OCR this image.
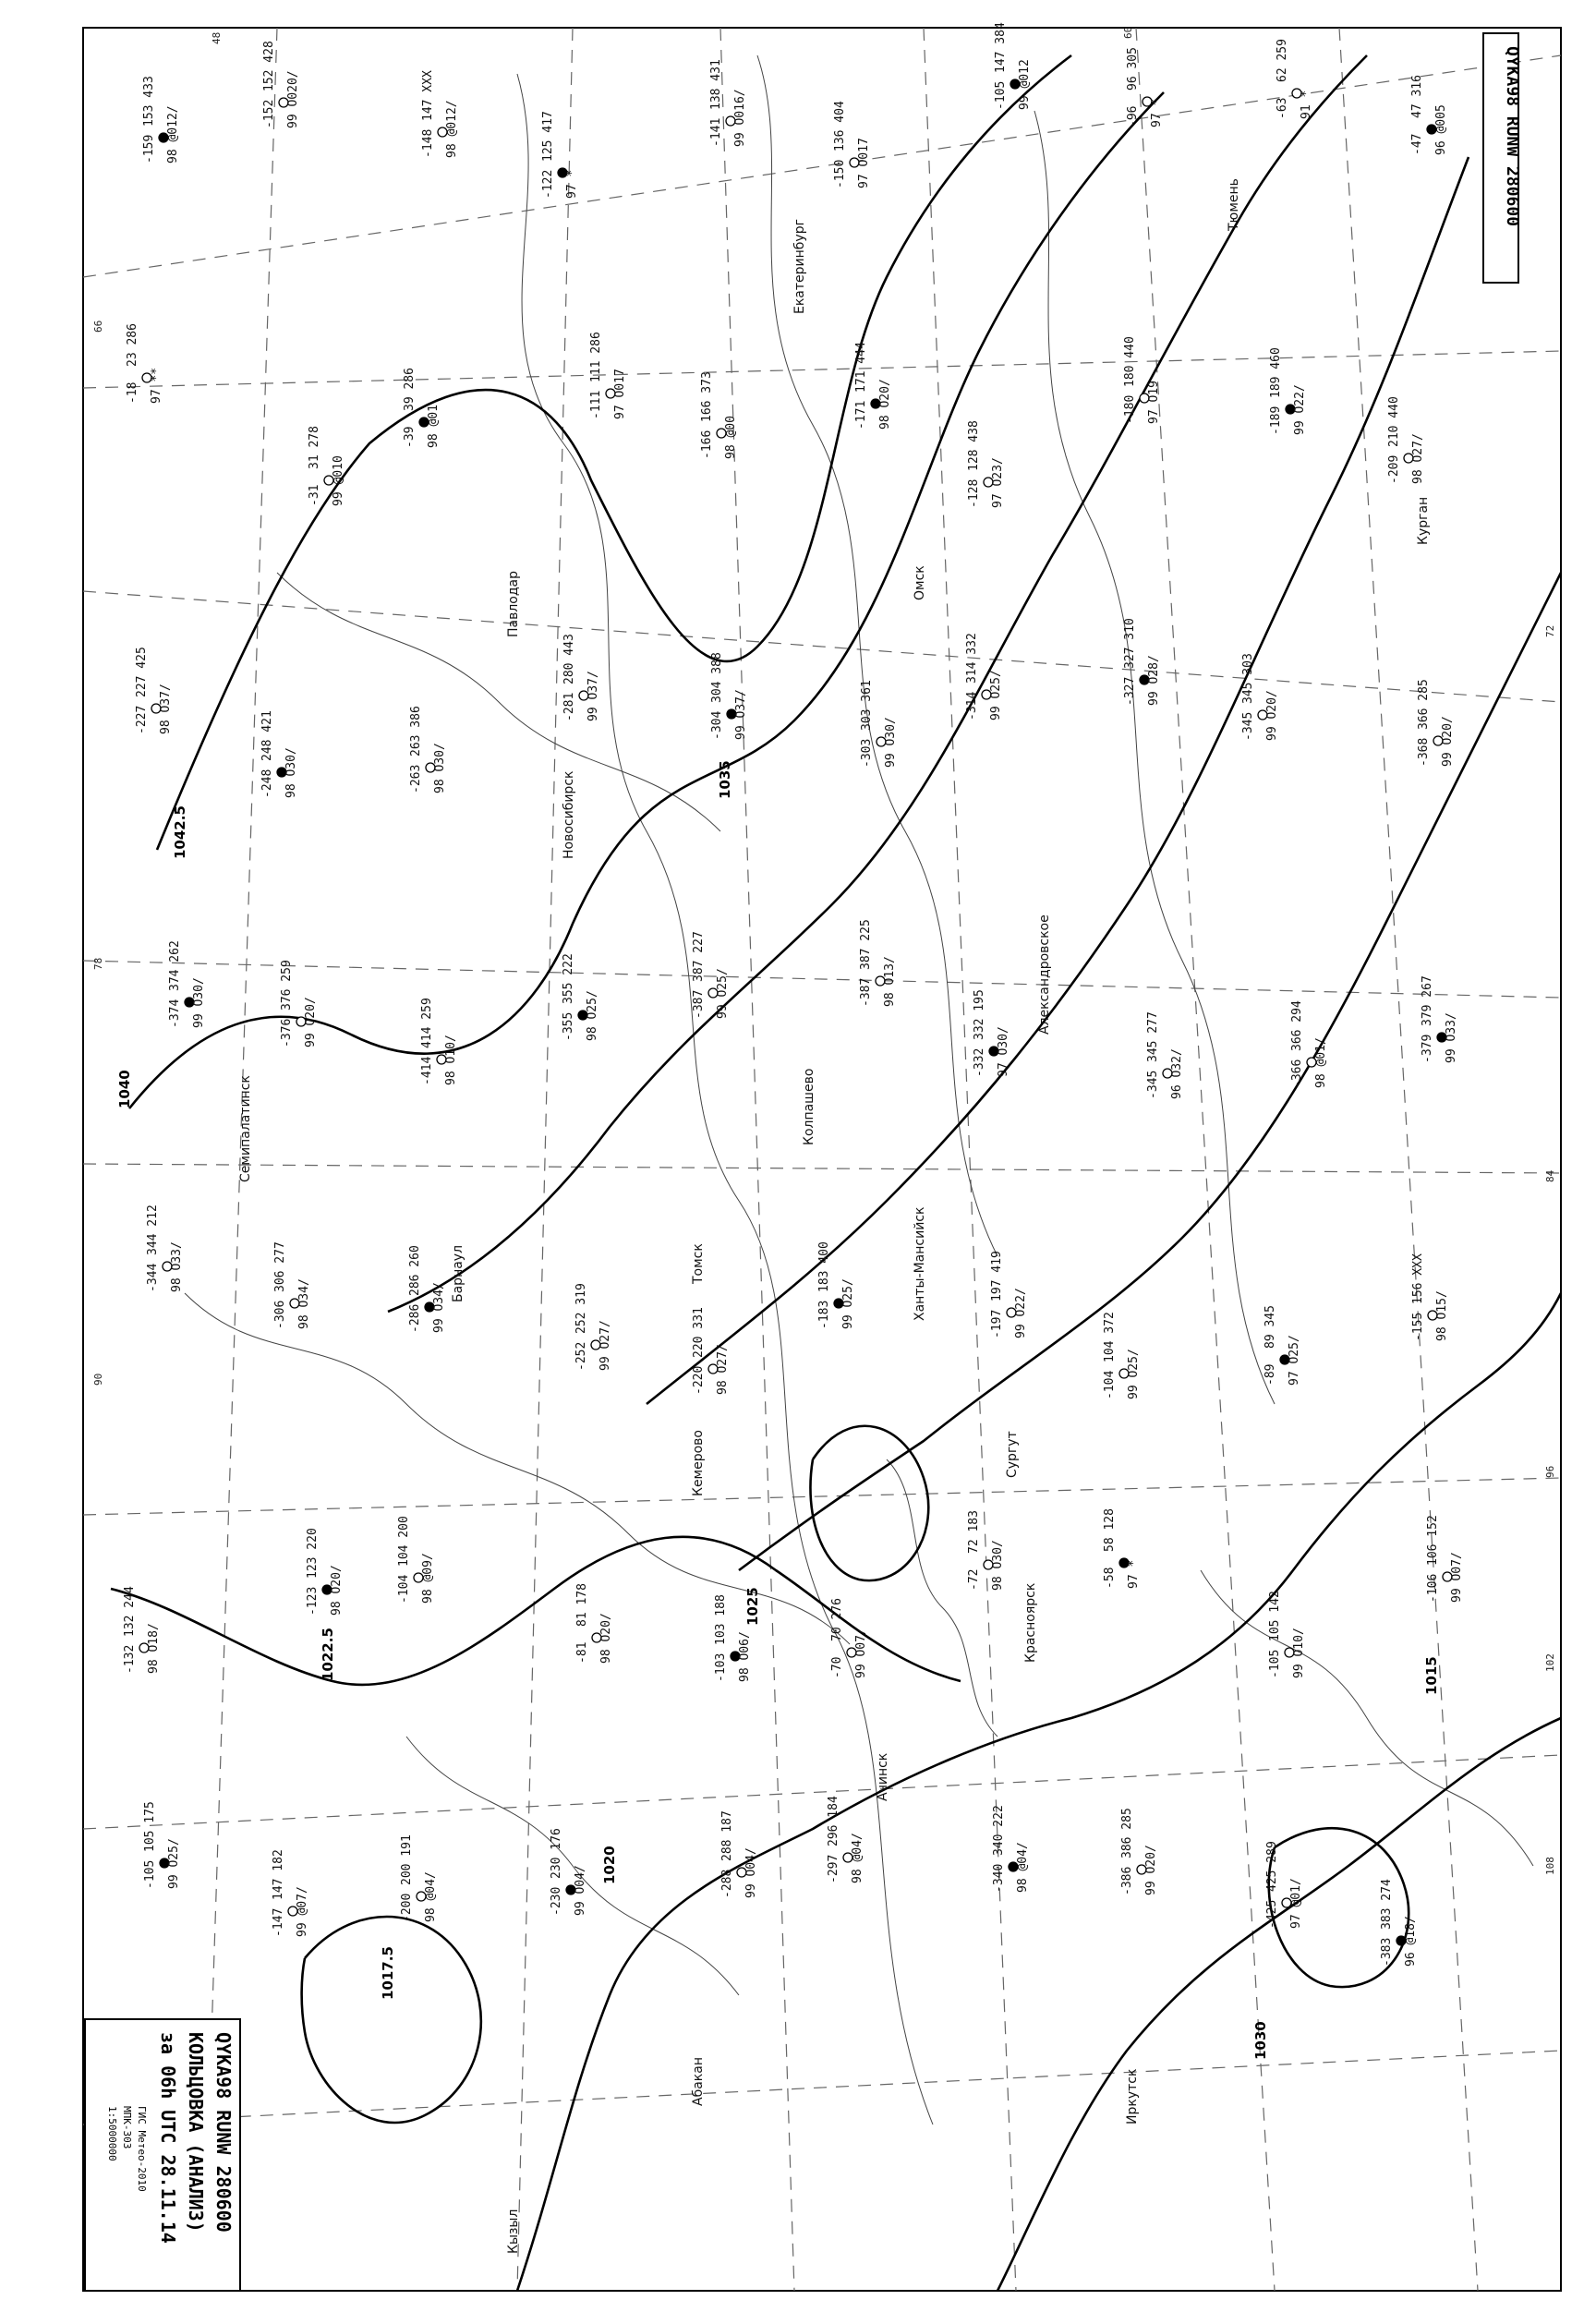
1042.5
1040
1035
1030
1025
1022.5
1020
1017.5
1015
48	60
66
72
78
84
90
96
102
108
Екатеринбург
Тюмень
Курган
Омск
Новосибирск
Томск
Барнаул
Семипалатинск
Павлодар
Красноярск
Кемерово
Александровское
Колпашево
Иркутск
Абакан
Кызыл
Ханты-Мансийск
Сургут
Ачинск
-159
153 433
98 @012/	-152
152 428
99 O020/
-148
147 XXX
98 @012/
-122
125 417
97 *
-141
138 431
99 O016/
-150
136 404
97 O017
-105
147 384
99 @012
-96
96 305
97 *	-63
62 259
91 *
-47
47 316
96 @005
-18
23 286
97 **
-31
31 278
99 @010
-39
39 286
98 @01	-111
111 286
97 O017
-166
166 373
98 @00
-171
171 444
98 O20/
-128
128 438
97 O23/
-180
180 440
97 O19	-189
189 460
99 O22/
-209
210 440
98 O27/
-227
227 425
98 O37/
-248
248 421
98 O30/	-263
263 386
98 O30/
-281
280 443
99 O37/
-304
304 388
99 O37/
-303
303 361
99 O30/
-314
314 332
99 O25/	-327
327 310
99 O28/
-345
345 303
99 O20/
-368
366 285
99 O20/
-374
374 262
99 O30/
-376
376 259
99 O20/
-414
414 259
98 O10/
-355
355 222
98 O25/	-387
387 227
99 O25/	-387
387 225
98 O13/
-332
332 195
97 O30/
-345
345 277
96 O32/	-366
366 294
98 @01/	-379
379 267
99 O33/
-344
344 212
98 O33/
-306
306 277
98 O34/	-286
286 260
99 O34/
-252
252 319
99 O27/
-220
220 331
98 O27/
-183
183 400
99 O25/	-197
197 419
99 O22/
-104
104 372
99 O25/	-89
89 345
97 O25/
-155
156 XXX
98 O15/
-132
132 244
98 O18/
-123
123 220
98 O20/	-104
104 200
98 @09/
-81
81 178
98 O20/
-103
103 188
98 O06/	-70
70 276
99 O07/
-72
72 183
98 O30/	-58
58 128
97 *
-105
105 142
99 O10/
-106
106 152
99 O07/
-105
105 175
99 O25/
-147
147 182
99 @07/	-200
200 191
98 @04/	-230
230 176
99 O04/	-288
288 187
99 O04/	-297
296 184
98 @04/	-340
340 222
98 @04/	-386
386 285
99 O20/
-425
425 289
97 @01/
-383
383 274
96 @18/
QYKA98 RUNW 280600
QYKA98 RUNW 280600
КОЛЬЦОВКА (АНАЛИЗ)
за 06h UTC 28.11.14
ГИС Метео-2010
МПК-303
1:5000000
